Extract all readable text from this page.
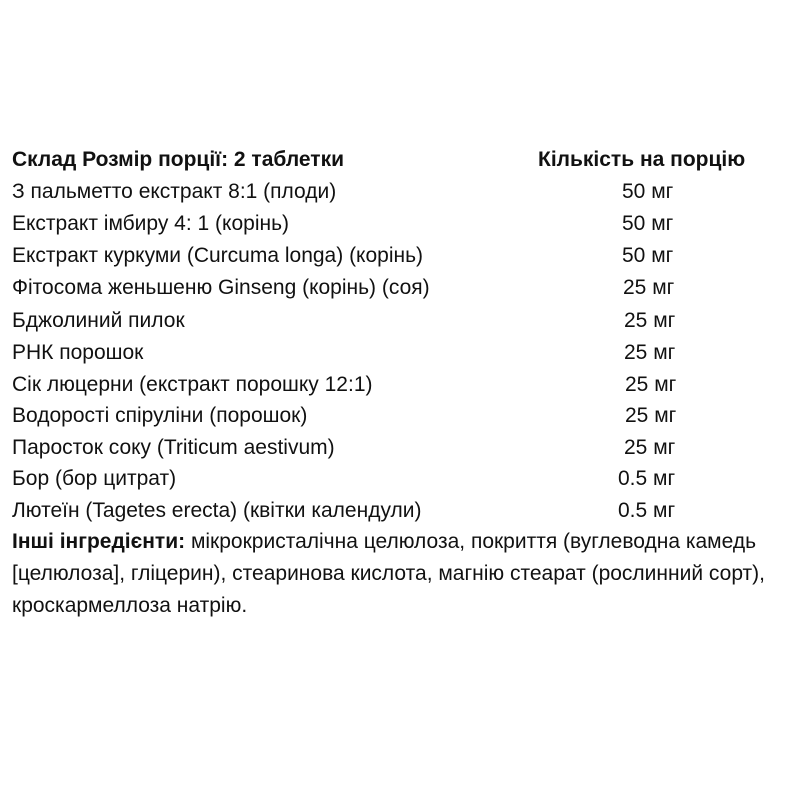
Склад Розмір порції: 2 таблетки	Кількість на порцію
З пальметто екстракт 8:1 (плоди)	50 мг
Екстракт імбиру 4: 1 (корінь)	50 мг
Екстракт куркуми (Curcuma longa) (корінь)	50 мг
Фітосома женьшеню Ginseng (корінь) (соя)	25 мг
Бджолиний пилок	25 мг
РНК порошок	25 мг
Сік люцерни (екстракт порошку 12:1)	25 мг
Водорості спіруліни (порошок)	25 мг
Паросток соку (Triticum aestivum)	25 мг
Бор (бор цитрат)	0.5 мг
Лютеїн (Tagetes erecta) (квітки календули)	0.5 мг
Інші інгредієнти: мікрокристалічна целюлоза, покриття (вуглеводна камедь [целюлоза], гліцерин), стеаринова кислота, магнію стеарат (рослинний сорт), кроскармеллоза натрію.
